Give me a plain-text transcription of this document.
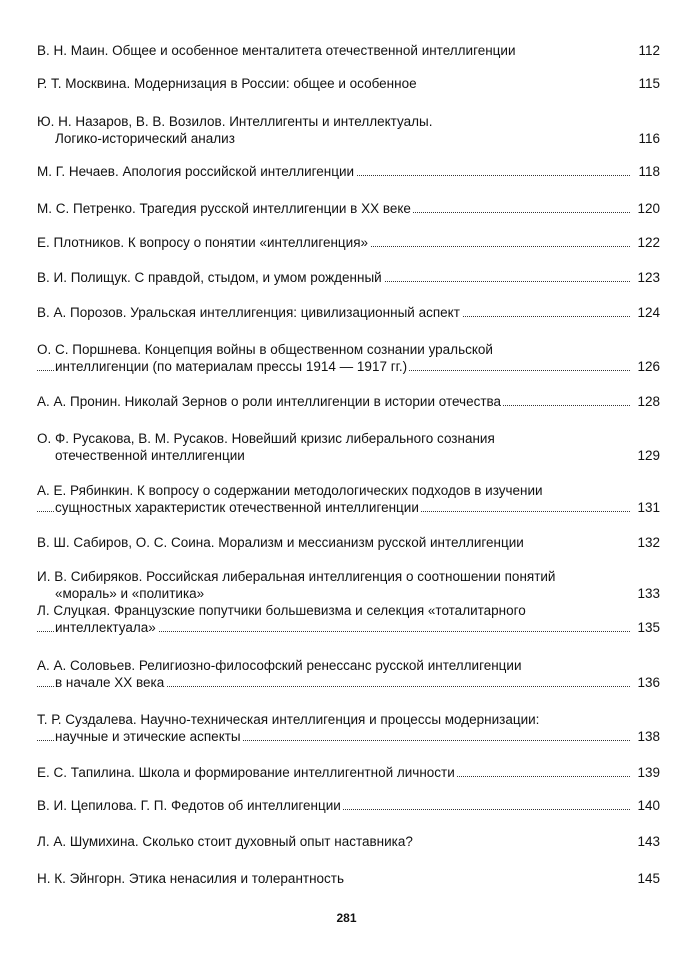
В. Н. Маин. Общее и особенное менталитета отечественной интеллигенции	112
Р. Т. Москвина. Модернизация в России: общее и особенное	115
Ю. Н. Назаров, В. В. Возилов. Интеллигенты и интеллектуалы.
Логико-исторический анализ	116
М. Г. Нечаев. Апология российской интеллигенции	118
М. С. Петренко. Трагедия русской интеллигенции в XX веке	120
Е. Плотников. К вопросу о понятии «интеллигенция»	122
В. И. Полищук. С правдой, стыдом, и умом рожденный	123
В. А. Порозов. Уральская интеллигенция: цивилизационный аспект	124
О. С. Поршнева. Концепция войны в общественном сознании уральской
интеллигенции (по материалам прессы 1914 — 1917 гг.)	126
А. А. Пронин. Николай Зернов о роли интеллигенции в истории отечества	128
О. Ф. Русакова, В. М. Русаков. Новейший кризис либерального сознания
отечественной интеллигенции	129
А. Е. Рябинкин. К вопросу о содержании методологических подходов в изучении
сущностных характеристик отечественной интеллигенции	131
В. Ш. Сабиров, О. С. Соина. Морализм и мессианизм русской интеллигенции	132
И. В. Сибиряков. Российская либеральная интеллигенция о соотношении понятий
«мораль» и «политика»	133
Л. Слуцкая. Французские попутчики большевизма и селекция «тоталитарного
интеллектуала»	135
А. А. Соловьев. Религиозно-философский ренессанс русской интеллигенции
в начале XX века	136
Т. Р. Суздалева. Научно-техническая интеллигенция и процессы модернизации:
научные и этические аспекты	138
Е. С. Тапилина. Школа и формирование интеллигентной личности	139
В. И. Цепилова. Г. П. Федотов об интеллигенции	140
Л. А. Шумихина. Сколько стоит духовный опыт наставника?	143
Н. К. Эйнгорн. Этика ненасилия и толерантность	145
281
